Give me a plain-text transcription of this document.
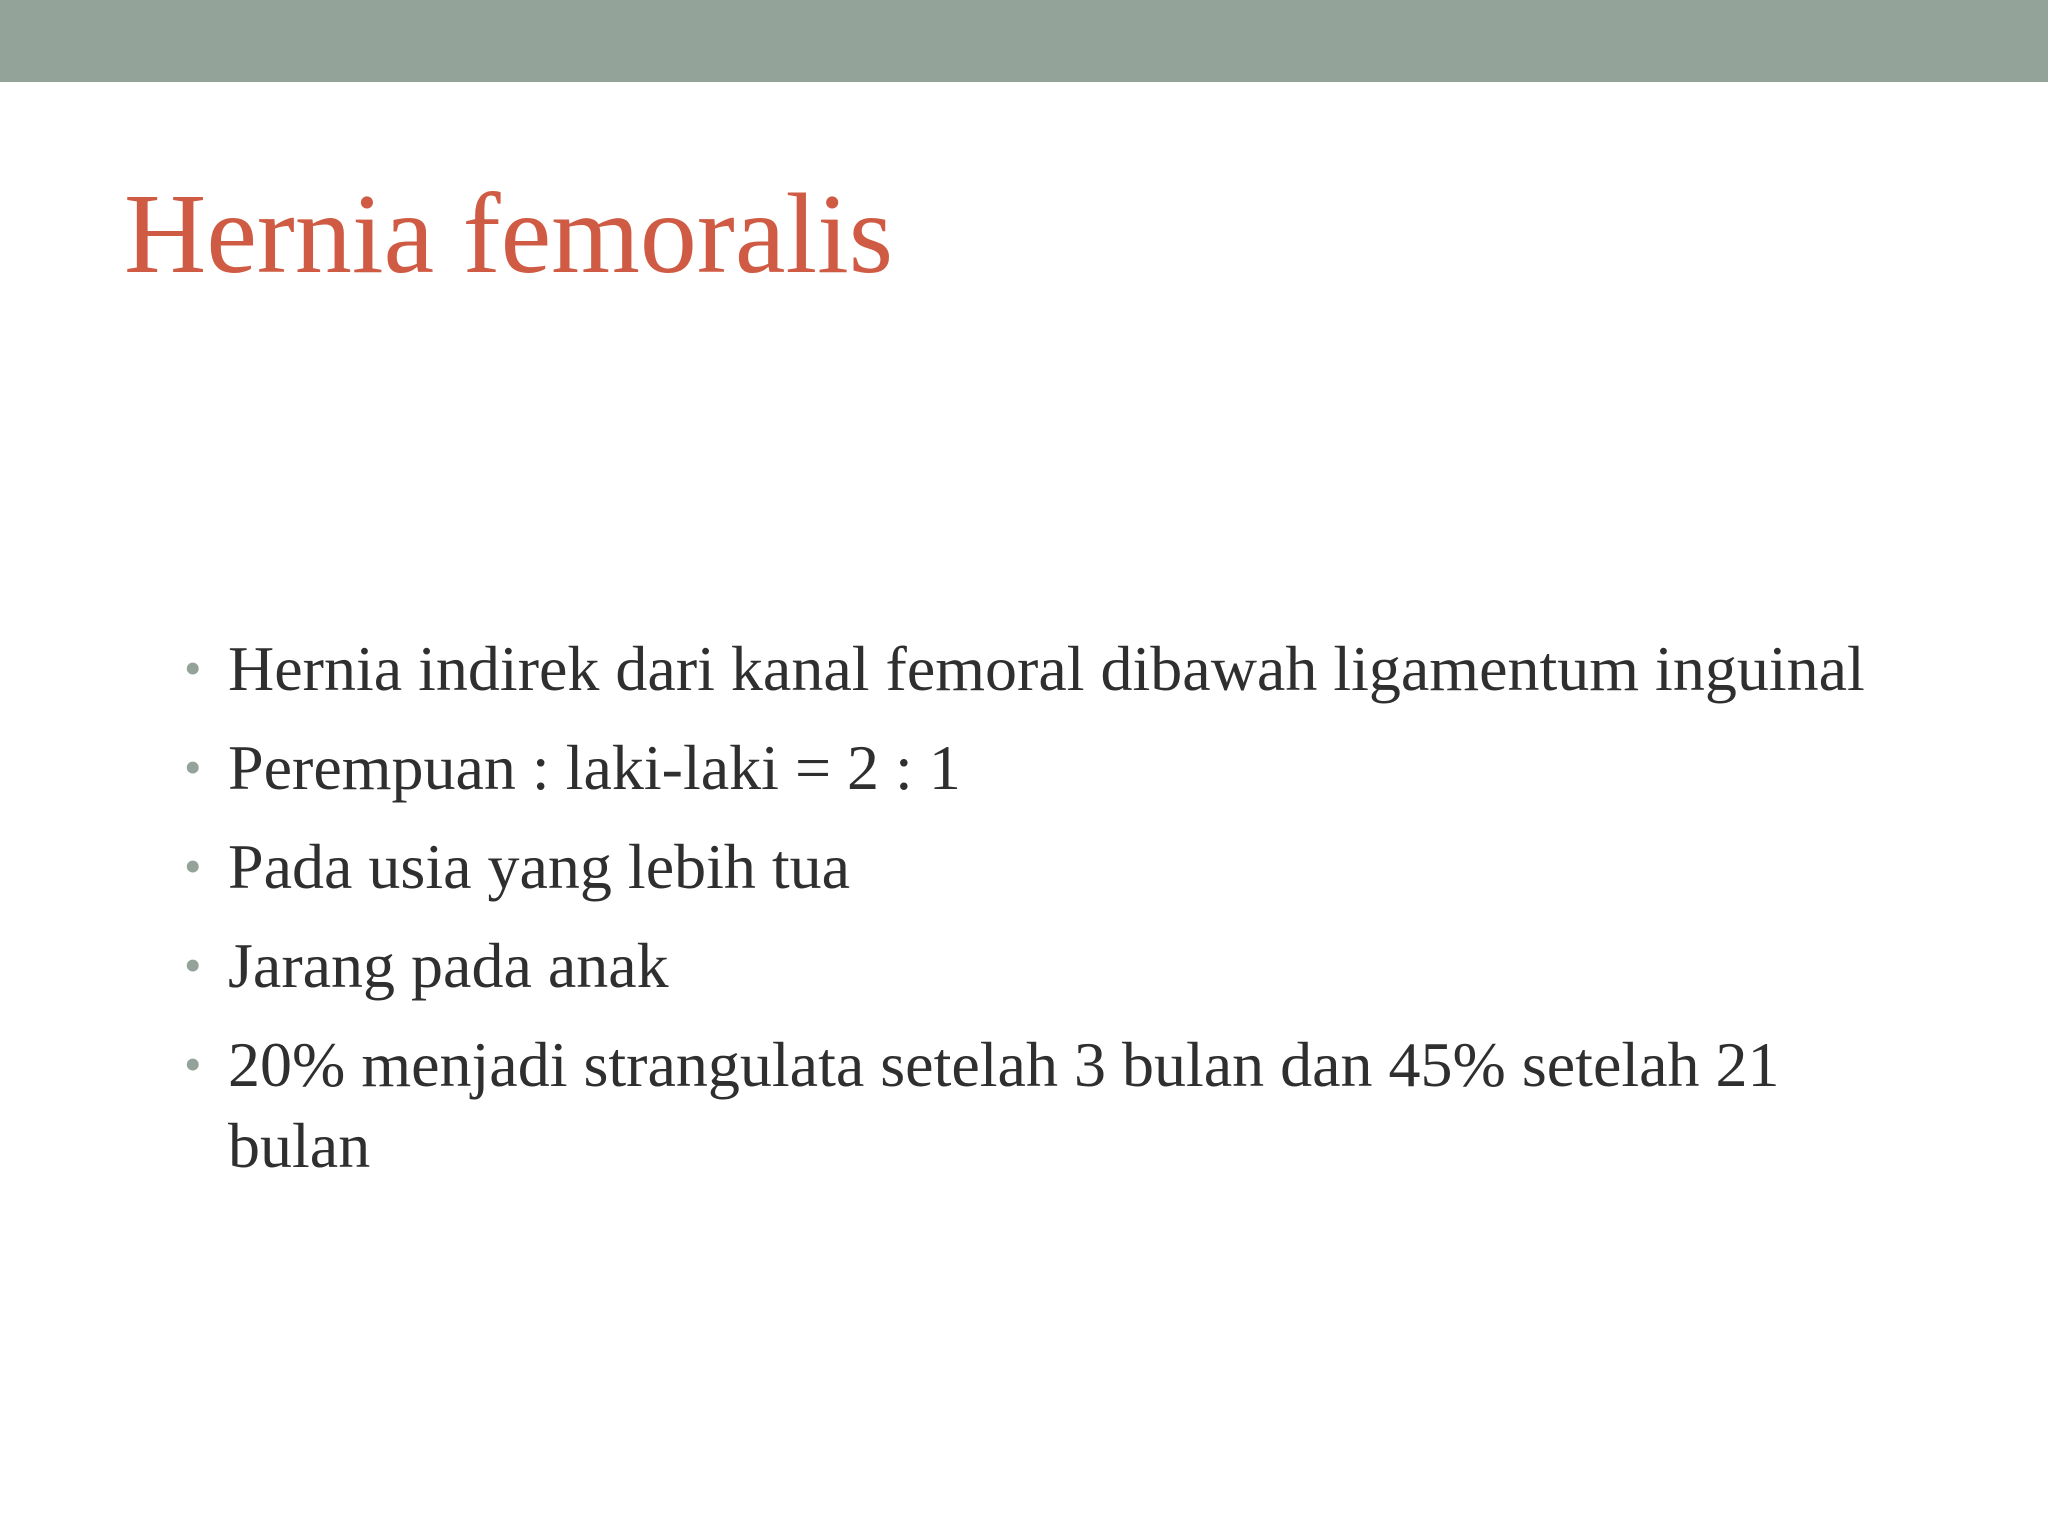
Hernia femoralis
• Hernia indirek dari kanal femoral dibawah ligamentum inguinal
• Perempuan : laki-laki = 2 : 1
• Pada usia yang lebih tua
• Jarang pada anak
• 20% menjadi strangulata setelah 3 bulan dan 45% setelah 21 bulan
